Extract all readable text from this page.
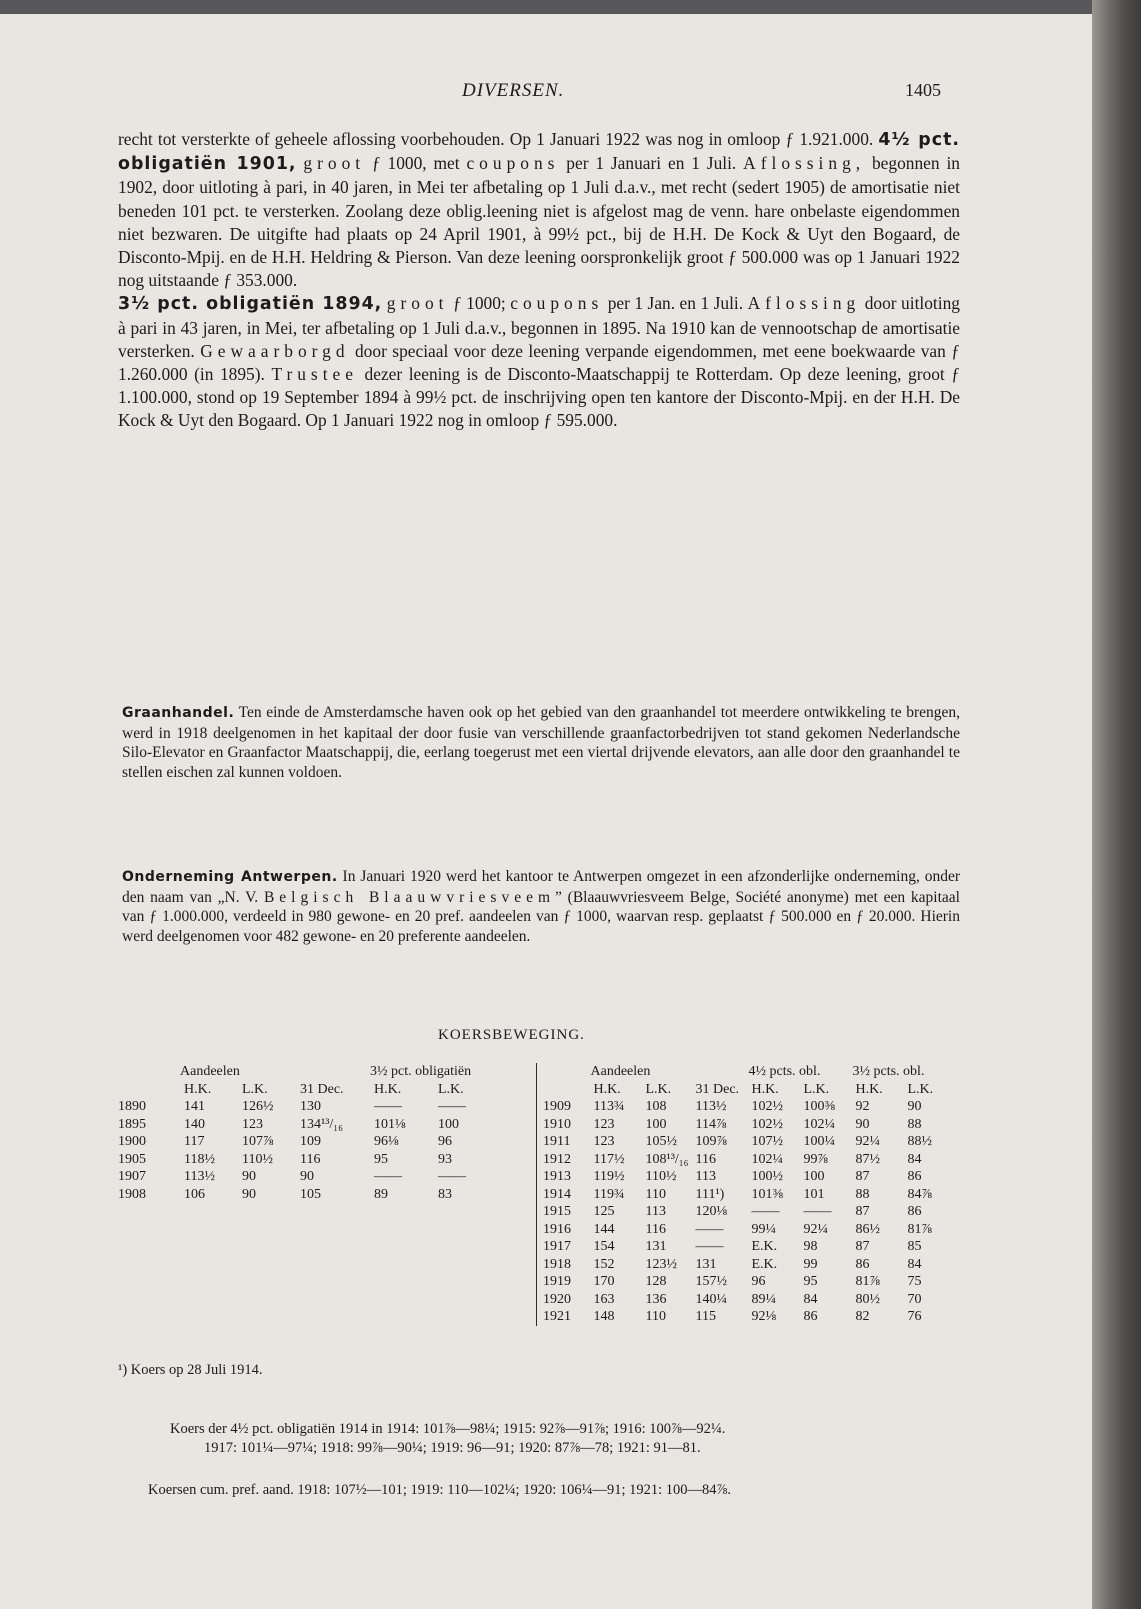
DIVERSEN.	1405

recht tot versterkte of geheele aflossing voorbehouden. Op 1 Januari 1922 was nog in omloop ƒ 1.921.000. 4½ pct. obligatiën 1901, groot ƒ 1000, met coupons per 1 Januari en 1 Juli. Aflossing, begonnen in 1902, door uitloting à pari, in 40 jaren, in Mei ter afbetaling op 1 Juli d.a.v., met recht (sedert 1905) de amortisatie niet beneden 101 pct. te versterken. Zoolang deze oblig.leening niet is afgelost mag de venn. hare onbelaste eigendommen niet bezwaren. De uitgifte had plaats op 24 April 1901, à 99½ pct., bij de H.H. De Kock & Uyt den Bogaard, de Disconto-Mpij. en de H.H. Heldring & Pierson. Van deze leening oorspronkelijk groot ƒ 500.000 was op 1 Januari 1922 nog uitstaande ƒ 353.000.

3½ pct. obligatiën 1894, groot ƒ 1000; coupons per 1 Jan. en 1 Juli. Aflossing door uitloting à pari in 43 jaren, in Mei, ter afbetaling op 1 Juli d.a.v., begonnen in 1895. Na 1910 kan de vennootschap de amortisatie versterken. Gewaarborgd door speciaal voor deze leening verpande eigendommen, met eene boekwaarde van ƒ 1.260.000 (in 1895). Trustee dezer leening is de Disconto-Maatschappij te Rotterdam. Op deze leening, groot ƒ 1.100.000, stond op 19 September 1894 à 99½ pct. de inschrijving open ten kantore der Disconto-Mpij. en der H.H. De Kock & Uyt den Bogaard. Op 1 Januari 1922 nog in omloop ƒ 595.000.

Graanhandel. Ten einde de Amsterdamsche haven ook op het gebied van den graanhandel tot meerdere ontwikkeling te brengen, werd in 1918 deelgenomen in het kapitaal der door fusie van verschillende graanfactorbedrijven tot stand gekomen Nederlandsche Silo-Elevator en Graanfactor Maatschappij, die, eerlang toegerust met een viertal drijvende elevators, aan alle door den graanhandel te stellen eischen zal kunnen voldoen.
Onderneming Antwerpen. In Januari 1920 werd het kantoor te Antwerpen omgezet in een afzonderlijke onderneming, onder den naam van „N. V. Belgisch Blaauwvriesveem” (Blaauwvriesveem Belge, Société anonyme) met een kapitaal van ƒ 1.000.000, verdeeld in 980 gewone- en 20 pref. aandeelen van ƒ 1000, waarvan resp. geplaatst ƒ 500.000 en ƒ 20.000. Hierin werd deelgenomen voor 482 gewone- en 20 preferente aandeelen.
KOERSBEWEGING.
	Aandeelen			3½ pct. obligatiën	
	H.K.	L.K.	31 Dec.	H.K.	L.K.
1890	141	126½	130	——	——
1895	140	123	134¹³/₁₆	101⅛	100
1900	117	107⅞	109	96⅛	96
1905	118½	110½	116	95	93
1907	113½	90	90	——	——
1908	106	90	105	89	83
	Aandeelen			4½ pcts. obl.		3½ pcts. obl.	
	H.K.	L.K.	31 Dec.	H.K.	L.K.	H.K.	L.K.
1909	113¾	108	113½	102½	100⅜	92	90
1910	123	100	114⅞	102½	102¼	90	88
1911	123	105½	109⅞	107½	100¼	92¼	88½
1912	117½	108¹³/₁₆	116	102¼	99⅞	87½	84
1913	119½	110½	113	100½	100	87	86
1914	119¾	110	111¹)	101⅜	101	88	84⅞
1915	125	113	120⅛	——	——	87	86
1916	144	116	——	99¼	92¼	86½	81⅞
1917	154	131	——	E.K.	98	87	85
1918	152	123½	131	E.K.	99	86	84
1919	170	128	157½	96	95	81⅞	75
1920	163	136	140¼	89¼	84	80½	70
1921	148	110	115	92⅛	86	82	76
¹) Koers op 28 Juli 1914.
Koers der 4½ pct. obligatiën 1914 in 1914: 101⅞—98¼; 1915: 92⅞—91⅞; 1916: 100⅞—92¼.
1917: 101¼—97¼; 1918: 99⅞—90¼; 1919: 96—91; 1920: 87⅞—78; 1921: 91—81.
Koersen cum. pref. aand. 1918: 107½—101; 1919: 110—102¼; 1920: 106¼—91; 1921: 100—84⅞.
